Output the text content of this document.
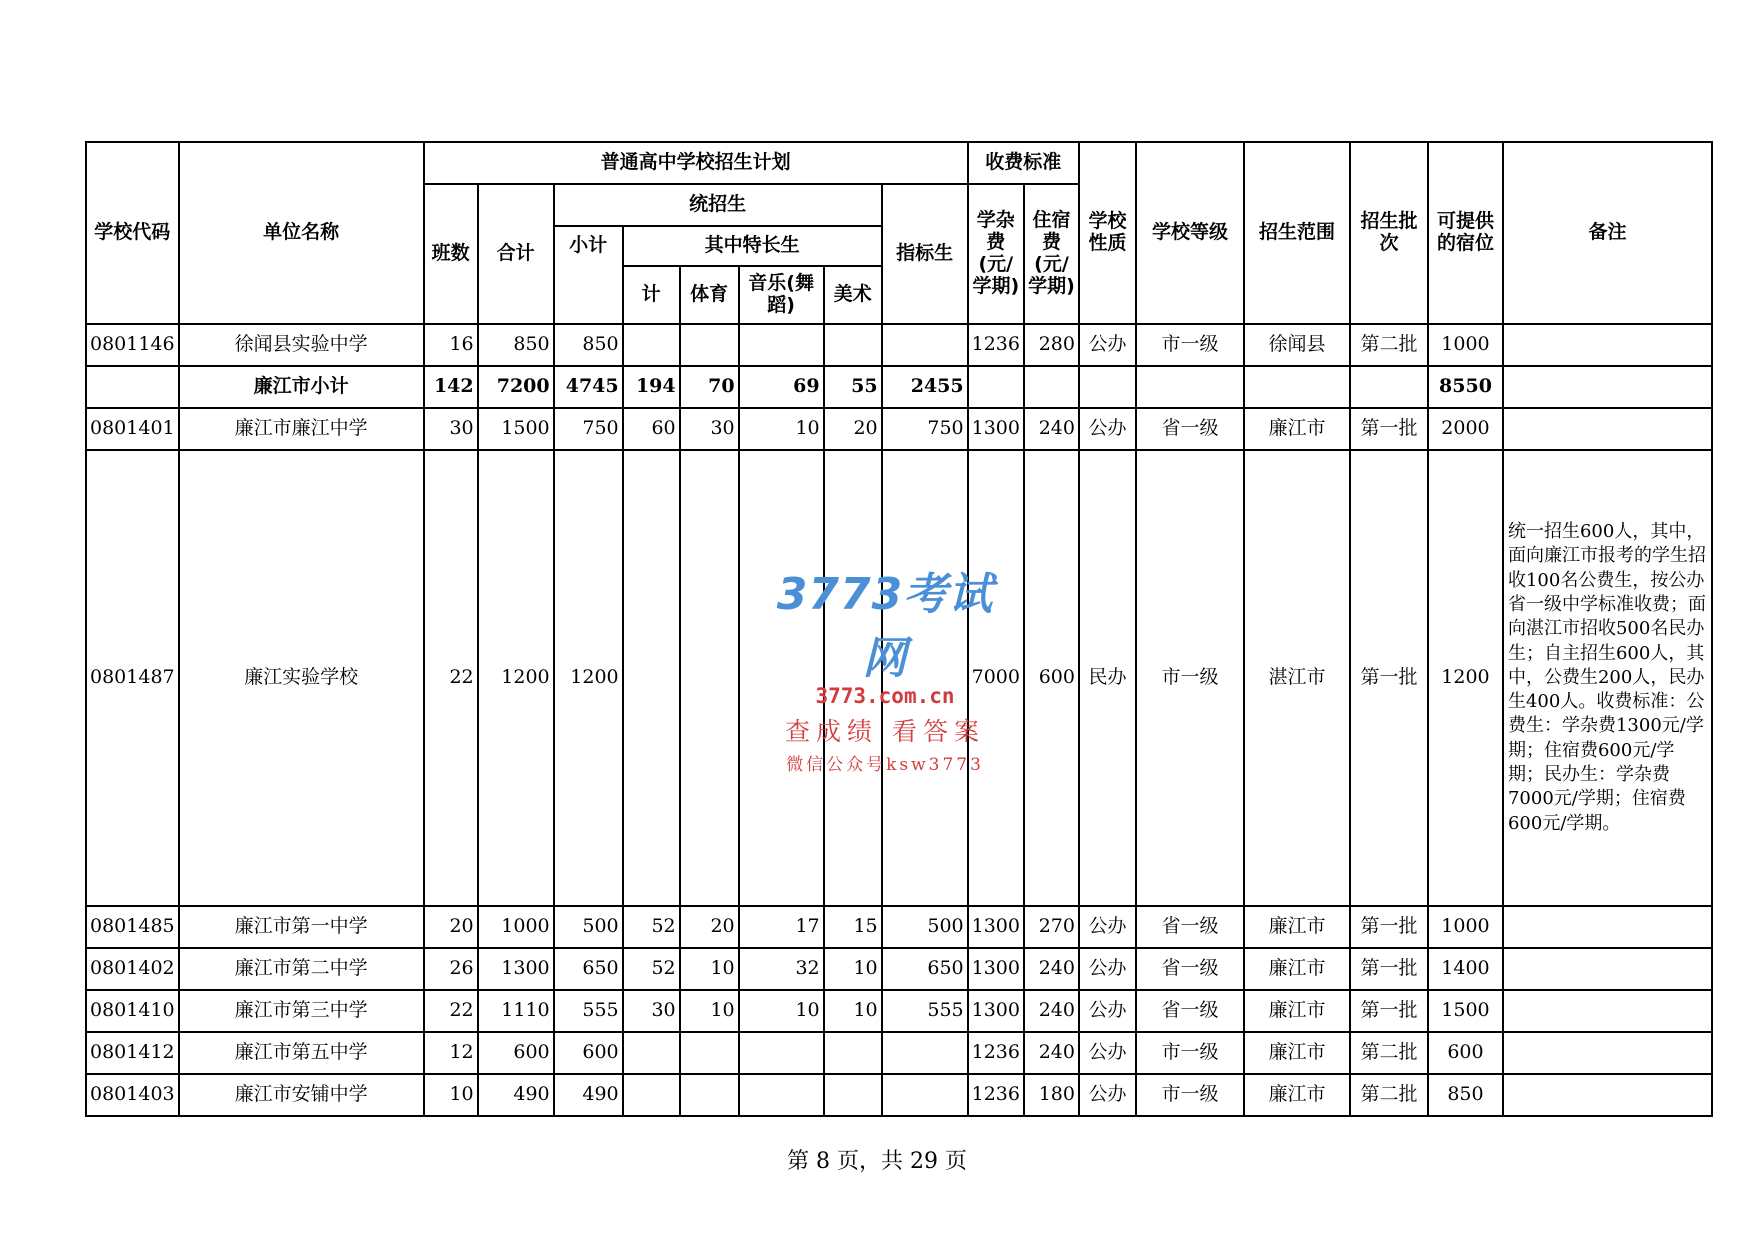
学校代码	单位名称	普通高中学校招生计划								收费标准		学校性质	学校等级	招生范围	招生批次	可提供的宿位	备注
		班数	合计	统招生					指标生	学杂费(元/学期)	住宿费(元/学期)						
				小计	其中特长生												
					计	体育	音乐(舞蹈)	美术									
0801146	徐闻县实验中学	16	850	850						1236	280	公办	市一级	徐闻县	第二批	1000	
	廉江市小计	142	7200	4745	194	70	69	55	2455							8550	
0801401	廉江市廉江中学	30	1500	750	60	30	10	20	750	1300	240	公办	省一级	廉江市	第一批	2000	
0801487	廉江实验学校	22	1200	1200						7000	600	民办	市一级	湛江市	第一批	1200	统一招生600人，其中，面向廉江市报考的学生招收100名公费生，按公办省一级中学标准收费；面向湛江市招收500名民办生；自主招生600人，其中，公费生200人，民办生400人。收费标准：公费生：学杂费1300元/学期；住宿费600元/学期；民办生：学杂费7000元/学期；住宿费600元/学期。
0801485	廉江市第一中学	20	1000	500	52	20	17	15	500	1300	270	公办	省一级	廉江市	第一批	1000	
0801402	廉江市第二中学	26	1300	650	52	10	32	10	650	1300	240	公办	省一级	廉江市	第一批	1400	
0801410	廉江市第三中学	22	1110	555	30	10	10	10	555	1300	240	公办	省一级	廉江市	第一批	1500	
0801412	廉江市第五中学	12	600	600						1236	240	公办	市一级	廉江市	第二批	600	
0801403	廉江市安铺中学	10	490	490						1236	180	公办	市一级	廉江市	第二批	850	
3773考试网
3773.com.cn
查成绩 看答案
微信公众号ksw3773
第 8 页，共 29 页
